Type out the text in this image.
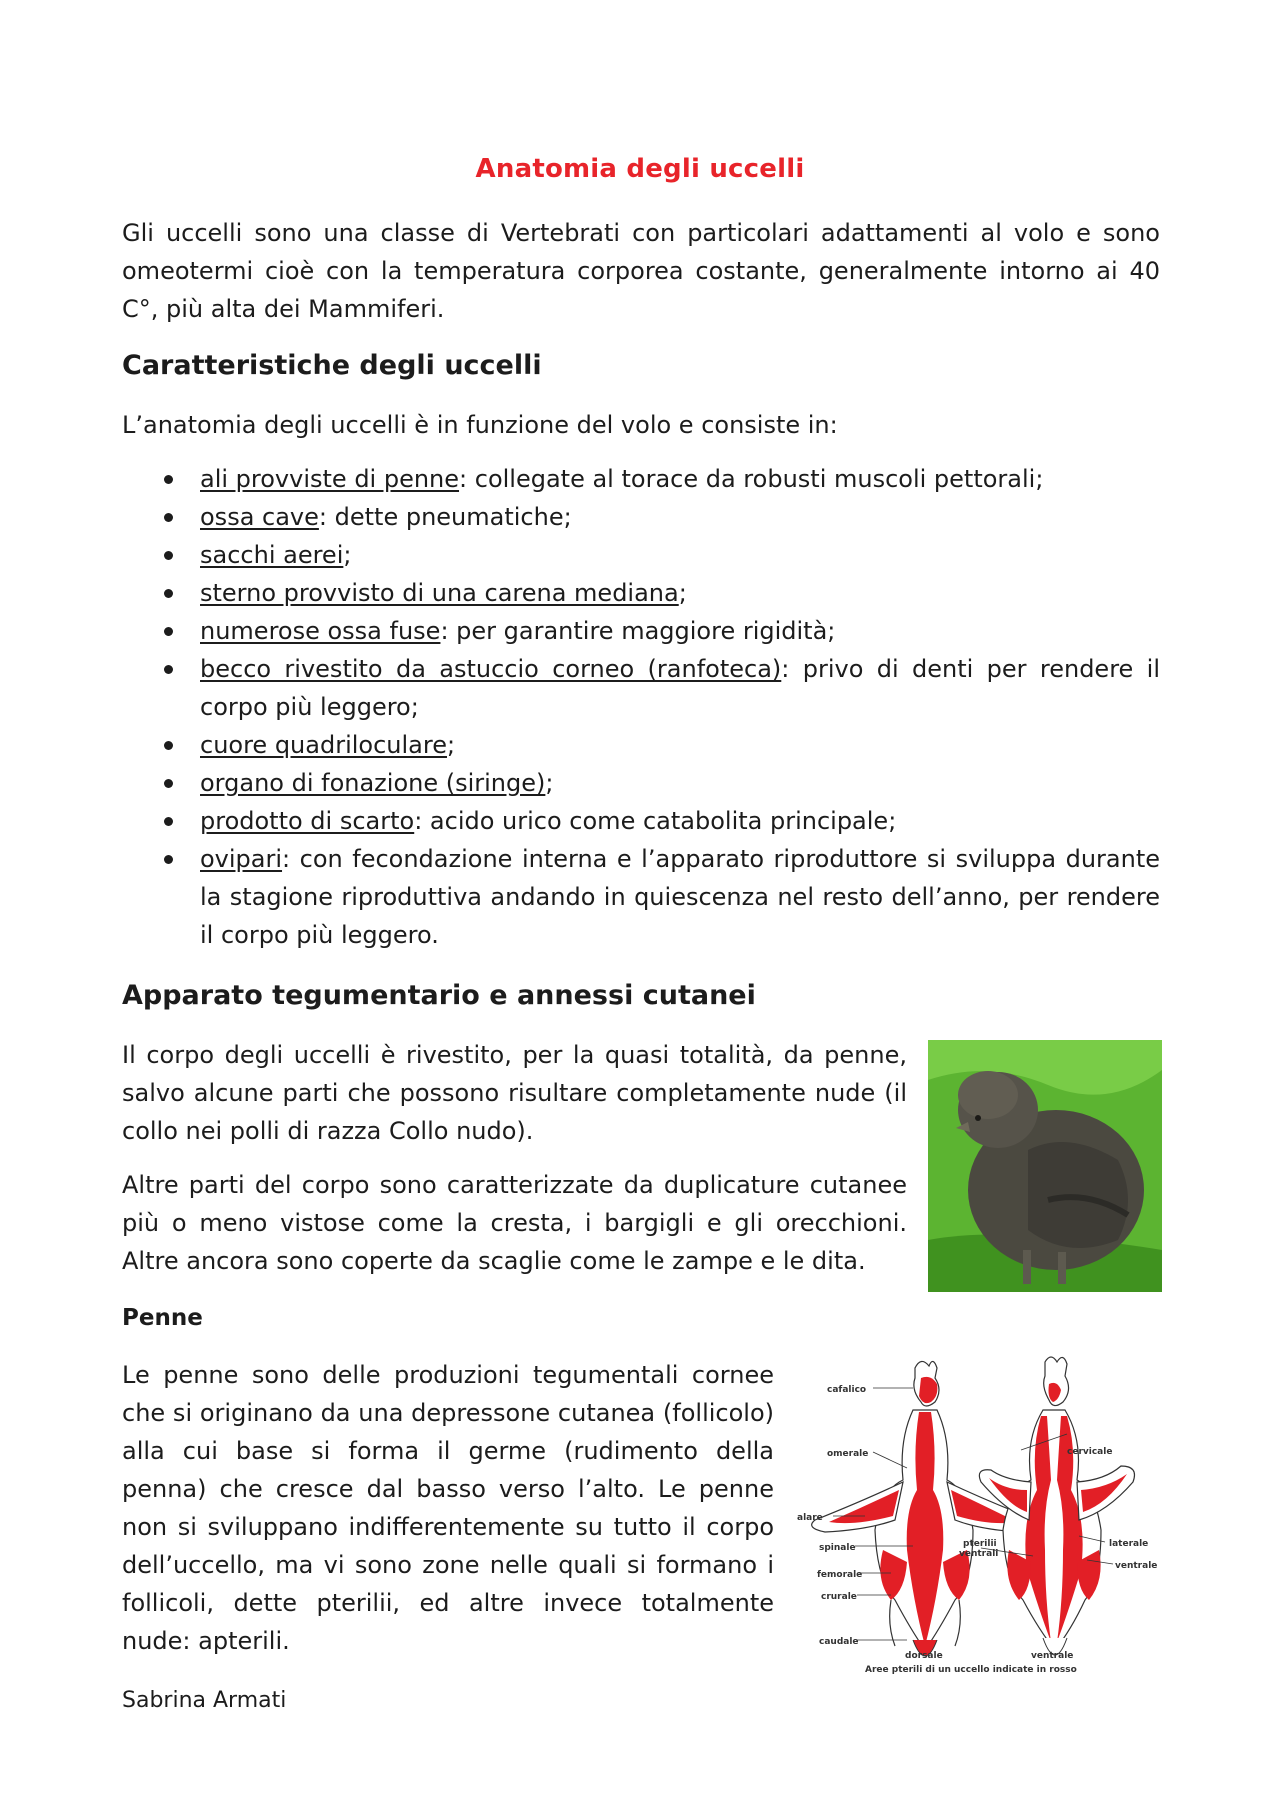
Anatomia degli uccelli

Gli uccelli sono una classe di Vertebrati con particolari adattamenti al volo e sono omeotermi cioè con la temperatura corporea costante, generalmente intorno ai 40 C°, più alta dei Mammiferi.

Caratteristiche degli uccelli

L’anatomia degli uccelli è in funzione del volo e consiste in:

ali provviste di penne: collegate al torace da robusti muscoli pettorali;
ossa cave: dette pneumatiche;
sacchi aerei;
sterno provvisto di una carena mediana;
numerose ossa fuse: per garantire maggiore rigidità;
becco rivestito da astuccio corneo (ranfoteca): privo di denti per rendere il corpo più leggero;
cuore quadriloculare;
organo di fonazione (siringe);
prodotto di scarto: acido urico come catabolita principale;
ovipari: con fecondazione interna e l’apparato riproduttore si sviluppa durante la stagione riproduttiva andando in quiescenza nel resto dell’anno, per rendere il corpo più leggero.
Apparato tegumentario e annessi cutanei

Il corpo degli uccelli è rivestito, per la quasi totalità, da penne, salvo alcune parti che possono risultare completamente nude (il collo nei polli di razza Collo nudo).

Altre parti del corpo sono caratterizzate da duplicature cutanee più o meno vistose come la cresta, i bargigli e gli orecchioni. Altre ancora sono coperte da scaglie come le zampe e le dita.

Penne

Le penne sono delle produzioni tegumentali cornee che si originano da una depressone cutanea (follicolo) alla cui base si forma il germe (rudimento della penna) che cresce dal basso verso l’alto. Le penne non si sviluppano indifferentemente su tutto il corpo dell’uccello, ma vi sono zone nelle quali si formano i follicoli, dette pterilii, ed altre invece totalmente nude: apterili.

cafalico
omerale
alare
spinale
femorale
crurale
caudale
dorsale
pterilii
ventrali
cervicale
laterale
ventrale
ventrale
Aree pterili di un uccello indicate in rosso
Sabrina Armati
